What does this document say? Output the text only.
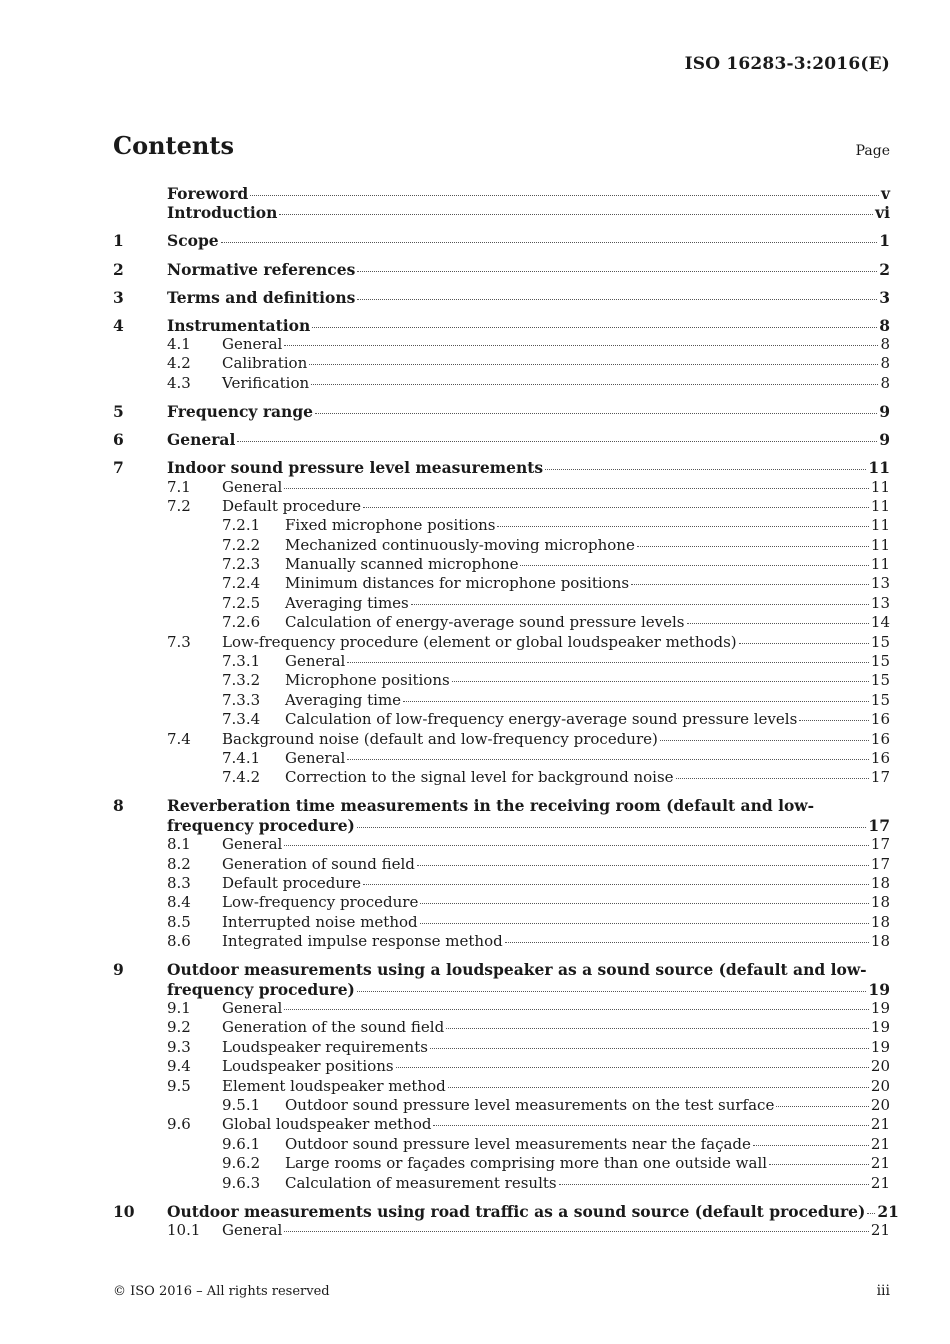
ISO 16283-3:2016(E)
Contents	Page
Foreword	v
Introduction	vi
1	Scope	1
2	Normative references	2
3	Terms and definitions	3
4	Instrumentation	8
4.1	General	8
4.2	Calibration	8
4.3	Verification	8
5	Frequency range	9
6	General	9
7	Indoor sound pressure level measurements	11
7.1	General	11
7.2	Default procedure	11
7.2.1	Fixed microphone positions	11
7.2.2	Mechanized continuously-moving microphone	11
7.2.3	Manually scanned microphone	11
7.2.4	Minimum distances for microphone positions	13
7.2.5	Averaging times	13
7.2.6	Calculation of energy-average sound pressure levels	14
7.3	Low-frequency procedure (element or global loudspeaker methods)	15
7.3.1	General	15
7.3.2	Microphone positions	15
7.3.3	Averaging time	15
7.3.4	Calculation of low-frequency energy-average sound pressure levels	16
7.4	Background noise (default and low-frequency procedure)	16
7.4.1	General	16
7.4.2	Correction to the signal level for background noise	17
8	Reverberation time measurements in the receiving room (default and low-
frequency procedure)	17
8.1	General	17
8.2	Generation of sound field	17
8.3	Default procedure	18
8.4	Low-frequency procedure	18
8.5	Interrupted noise method	18
8.6	Integrated impulse response method	18
9	Outdoor measurements using a loudspeaker as a sound source (default and low-
frequency procedure)	19
9.1	General	19
9.2	Generation of the sound field	19
9.3	Loudspeaker requirements	19
9.4	Loudspeaker positions	20
9.5	Element loudspeaker method	20
9.5.1	Outdoor sound pressure level measurements on the test surface	20
9.6	Global loudspeaker method	21
9.6.1	Outdoor sound pressure level measurements near the façade	21
9.6.2	Large rooms or façades comprising more than one outside wall	21
9.6.3	Calculation of measurement results	21
10	Outdoor measurements using road traffic as a sound source (default procedure) 21
10.1	General	21
© ISO 2016 – All rights reserved	iii
